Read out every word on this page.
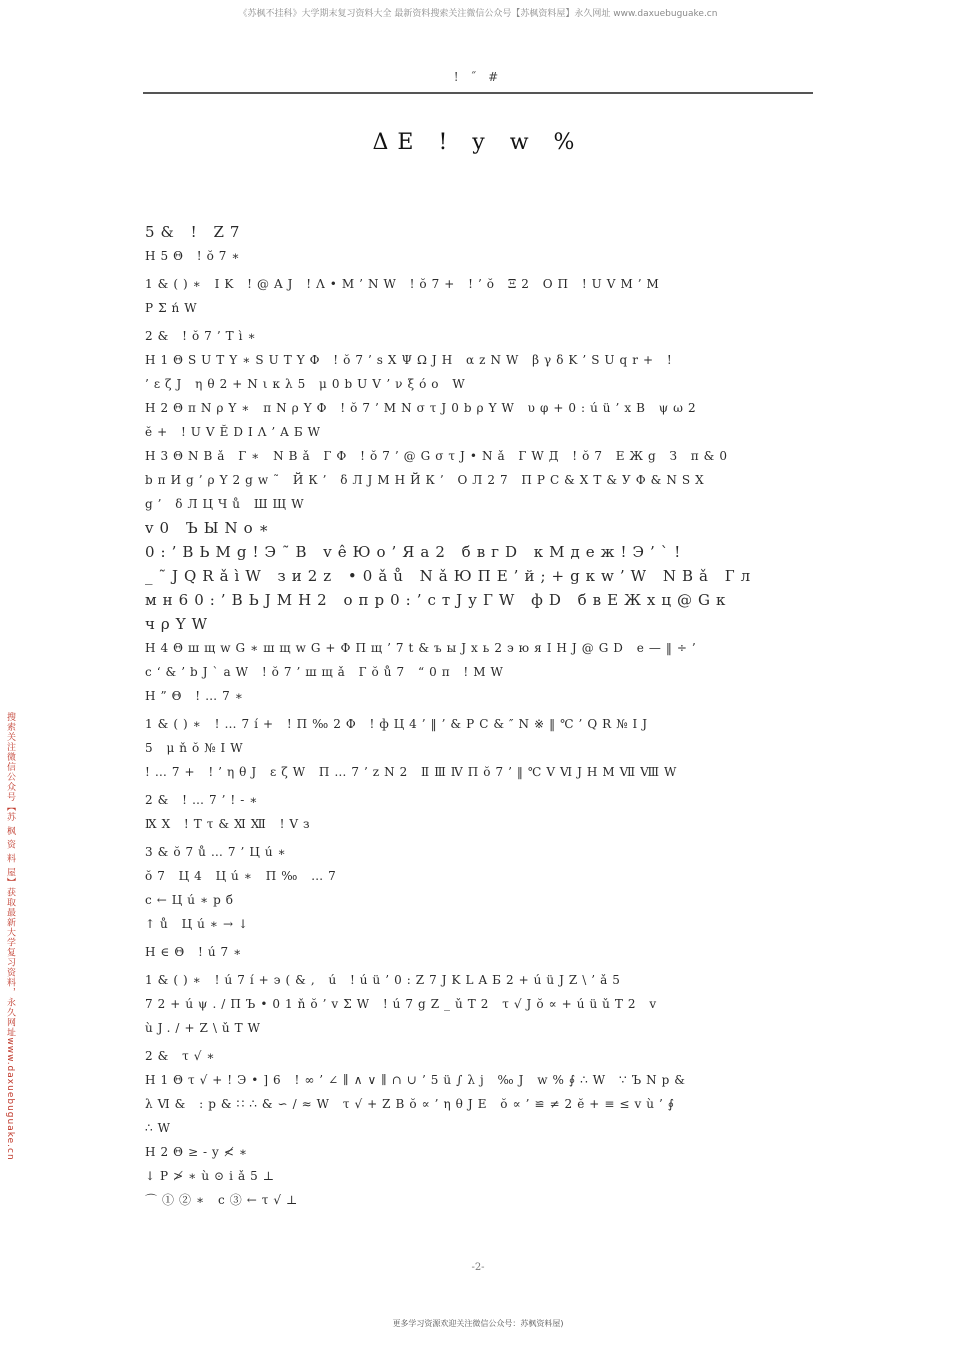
《苏枫不挂科》大学期末复习资料大全 最新资料搜索关注微信公众号【苏枫资料屋】永久网址 www.daxuebuguake.cn
! ˝ #
ΔE ! y w %
5& ! Z7
H5Θ !ŏ7∗
1&()∗ IK !@AJ !Λ•M’NW !ŏ7+ !’ŏ Ξ2 ОП !UVM’M
PΣńW
2& !ŏ7’Tì∗
H1ΘSUTΥ∗SUTΥΦ !ŏ7’sXΨΩJH αzNW βγδK’SUqr+ !
’εζJ ηθ2+Nικλ5 μ0bUV’νξόο W
H2ΘπNρΥ∗ πNρΥΦ !ŏ7’MNστJ0bρΥW υφ+0:úü’xB ψω2
ĕ+ !UVĔDIΛ’ΑБW
H3ΘNBǎ Г∗ NBǎ ГФ !ŏ7’@GστJ•Nǎ ГWД !ŏ7 ЕЖg З π&0
bπИg’ρΥ2gw˜ ЙК’ δЛJМНЙК’ ОЛ27 ПРС&ХТ&УФ&NSX
g’ δЛЦЧů ШЩW
v0 ЪЫNо∗
0:’ВЬMg!Э˜В vêЮо’Яа2 бвгD кМдеж!Э’`!
_˜JQRǎìW зи2z •0ǎů NǎЮПЕ’й;+gкw’W NBǎ Гл
мн60:’ВЬJМН2 опр0:’стJуГW фD бвЕЖхц@Gк
чρΥW
H4ΘшщwG∗шщwG+ФПщ’7t&ъыJxь2эюяIHJ@GD е—‖÷’
c‘&’bJ`aW !ŏ7’шщǎ Гŏů7 “0π !MW
H”Θ !…7∗
1&()∗ !…7í+ !П‰2Φ !фЦ4’‖’&PC&″N※‖℃’QR№IJ
5 μňŏ№IW
!…7+ !’ηθJ εζW П…7’zN2 ⅡⅢⅣПŏ7’‖℃ⅤⅥJHMⅦⅧW
2& !…7’!-∗
ⅨⅩ !Tτ&ⅪⅫ !Vз
3&ŏ7ů…7’Цú∗
ŏ7 Ц4 Цú∗ П‰ …7
c←Цú∗pб
↑ů Цú∗→↓
H∈Θ !ú7∗
1&()∗ !ú7í+э(&, ú !úü’0:Z7JKLΑБ2+úüJZ\’ǎ5
72+úψ./ПЪ•01ňŏ’vΣW !ú7gZ_ǔT2 τ√Jŏ∝+úüǔT2 v
ùJ./+Z\ǔTW
2& τ√∗
H1Θτ√+!Э•]6 !∞’∠∥∧∨∥∩∪’5ü∫λj ‰J w%∮∴W ∵ЪNp&
λⅥ& :p&∷∴&∽/≈W τ√+ZBŏ∝’ηθJE ŏ∝’≌≠2ĕ+≡≤vù’∮
∴W
H2Θ≥-y≮∗
↓P≯∗ù⊙iǎ5⊥
⌒①②∗ c③←τ√⊥
搜索关注微信公众号【苏 枫 资 料 屋】获取最新大学复习资料，永久网址www.daxuebuguake.cn
-2-
更多学习资源欢迎关注微信公众号：苏枫资料屋)
